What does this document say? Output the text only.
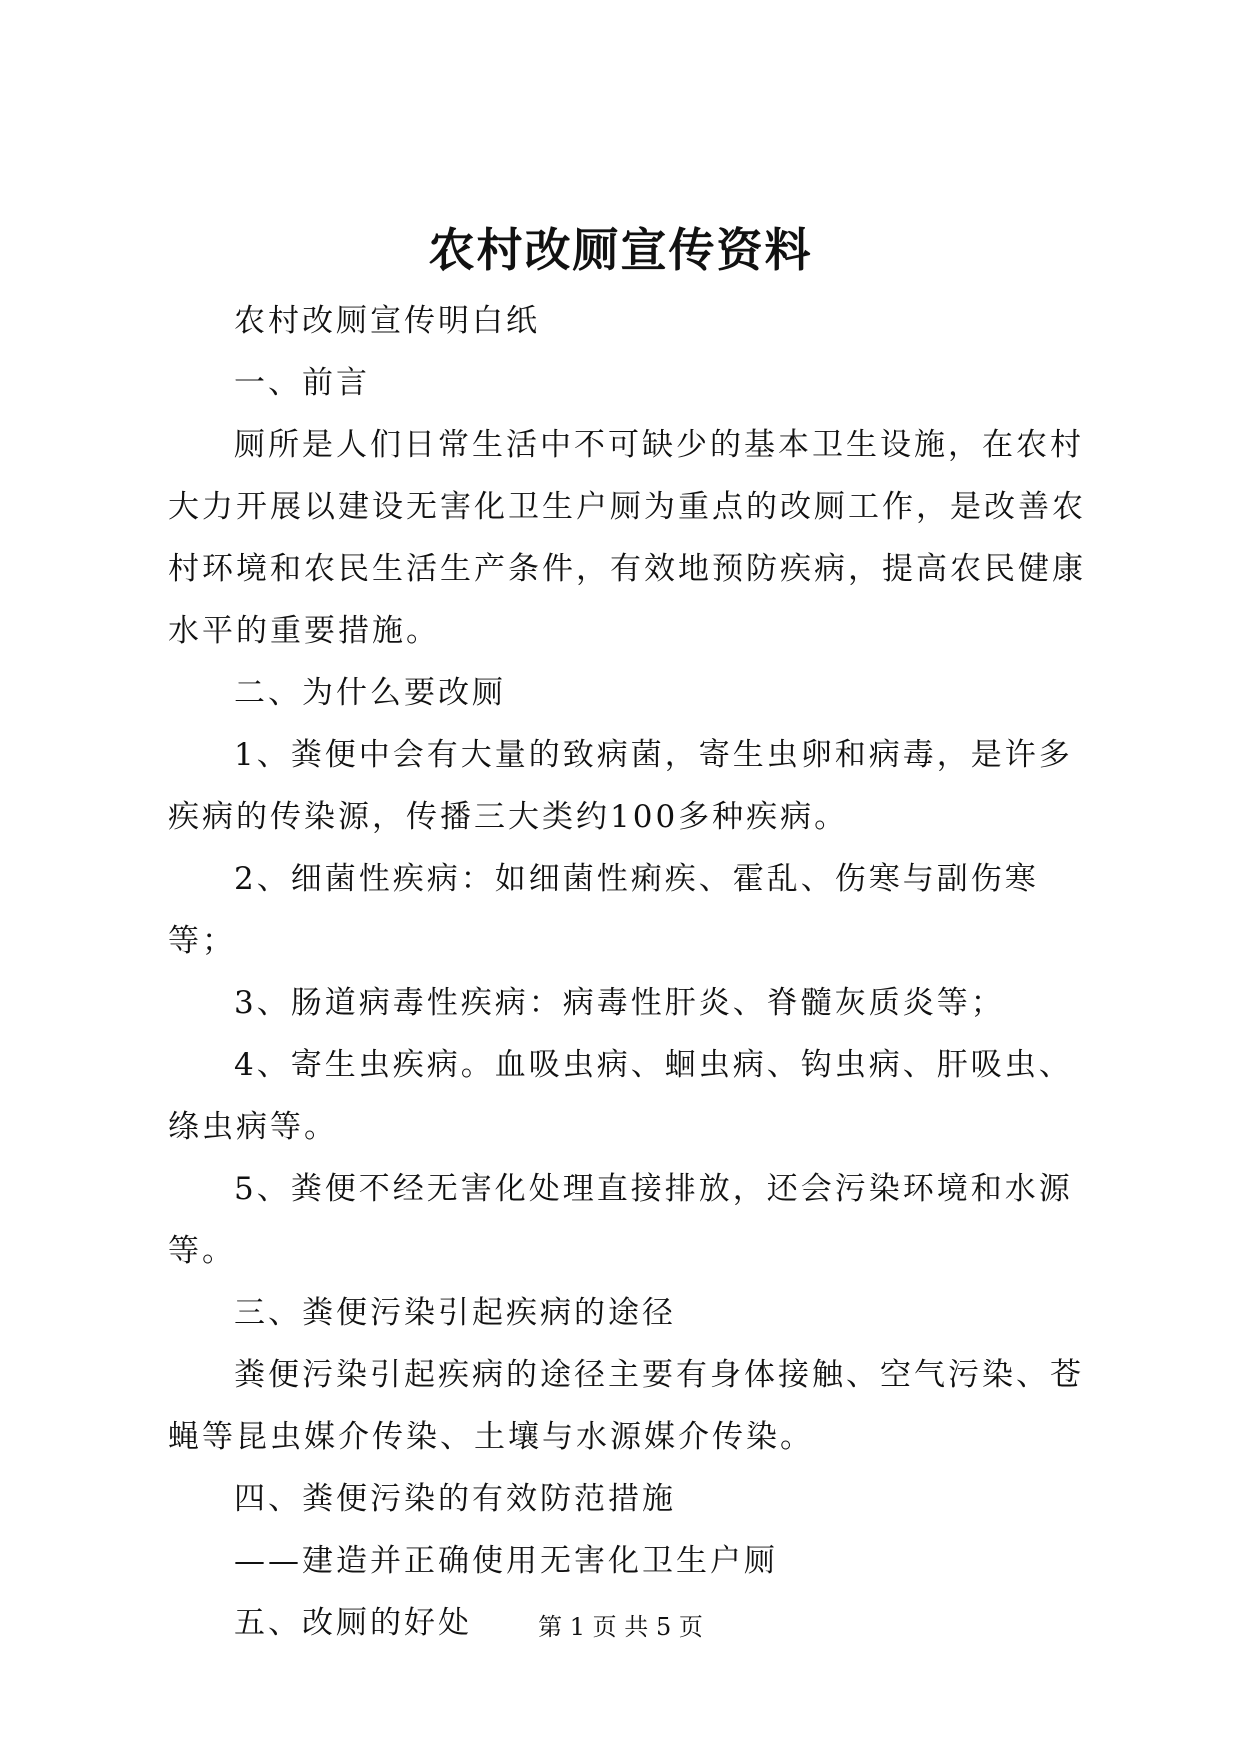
农村改厕宣传资料

农村改厕宣传明白纸

一、前言

厕所是人们日常生活中不可缺少的基本卫生设施，在农村大力开展以建设无害化卫生户厕为重点的改厕工作，是改善农村环境和农民生活生产条件，有效地预防疾病，提高农民健康水平的重要措施。

二、为什么要改厕

1、粪便中会有大量的致病菌，寄生虫卵和病毒，是许多疾病的传染源，传播三大类约100多种疾病。

2、细菌性疾病：如细菌性痢疾、霍乱、伤寒与副伤寒等；

3、肠道病毒性疾病：病毒性肝炎、脊髓灰质炎等；

4、寄生虫疾病。血吸虫病、蛔虫病、钩虫病、肝吸虫、绦虫病等。

5、粪便不经无害化处理直接排放，还会污染环境和水源等。

三、粪便污染引起疾病的途径

粪便污染引起疾病的途径主要有身体接触、空气污染、苍蝇等昆虫媒介传染、土壤与水源媒介传染。

四、粪便污染的有效防范措施

——建造并正确使用无害化卫生户厕

五、改厕的好处	第 1 页 共 5 页
